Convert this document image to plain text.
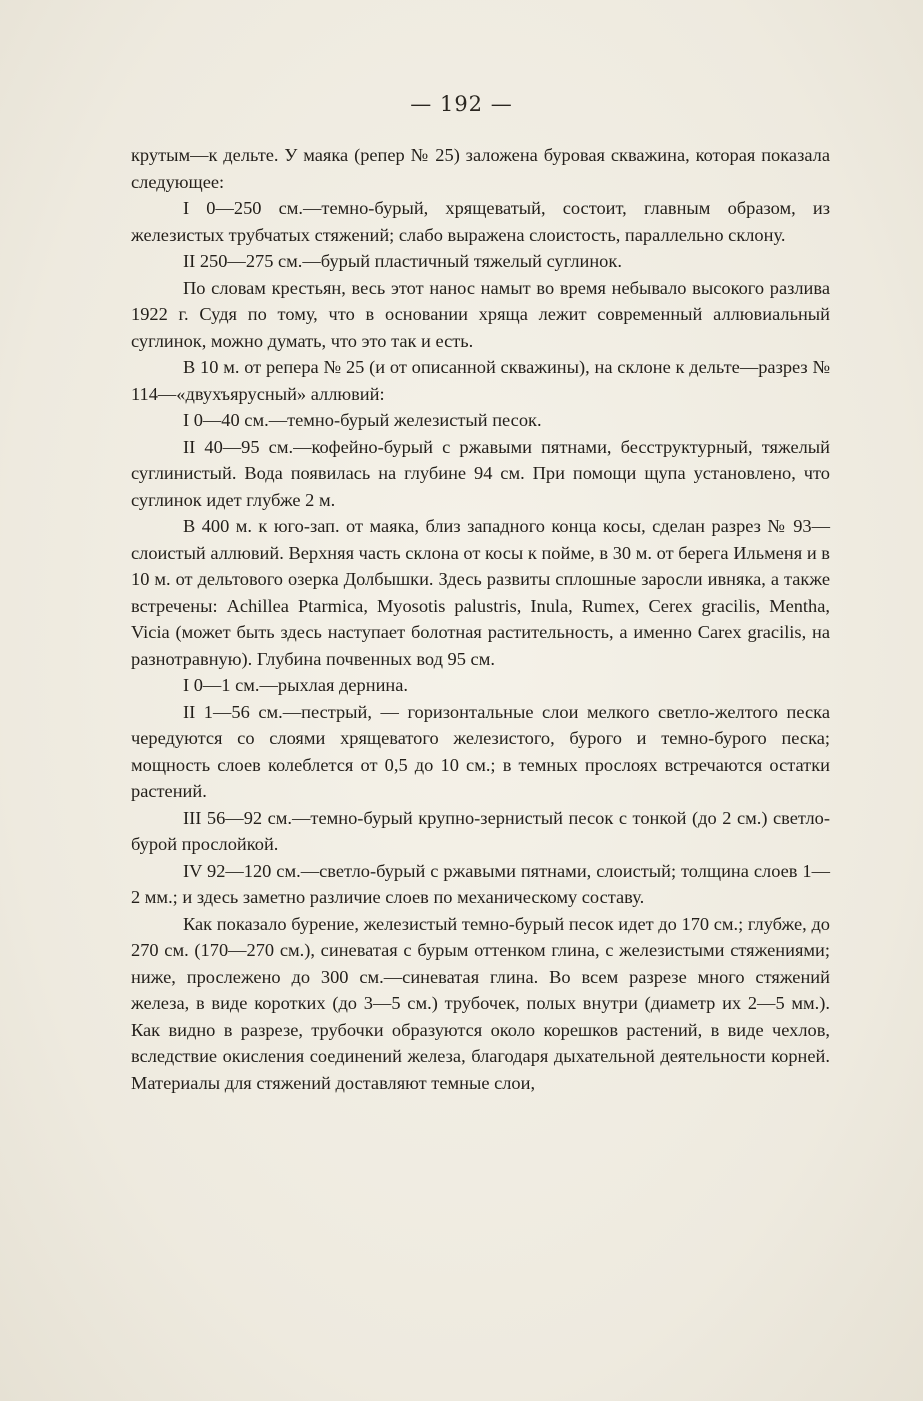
— 192 —

крутым—к дельте. У маяка (репер № 25) заложена буровая скважина, которая показала следующее:

I 0—250 см.—темно-бурый, хрящеватый, состоит, главным образом, из железистых трубчатых стяжений; слабо выражена слоистость, параллельно склону.

II 250—275 см.—бурый пластичный тяжелый суглинок.

По словам крестьян, весь этот нанос намыт во время небывало высокого разлива 1922 г. Судя по тому, что в основании хряща лежит современный аллювиальный суглинок, можно думать, что это так и есть.

В 10 м. от репера № 25 (и от описанной скважины), на склоне к дельте—разрез № 114—«двухъярусный» аллювий:

I 0—40 см.—темно-бурый железистый песок.

II 40—95 см.—кофейно-бурый с ржавыми пятнами, бесструктурный, тяжелый суглинистый. Вода появилась на глубине 94 см. При помощи щупа установлено, что суглинок идет глубже 2 м.

В 400 м. к юго-зап. от маяка, близ западного конца косы, сделан разрез № 93—слоистый аллювий. Верхняя часть склона от косы к пойме, в 30 м. от берега Ильменя и в 10 м. от дельтового озерка Долбышки. Здесь развиты сплошные заросли ивняка, а также встречены: Achillea Ptarmica, Myosotis palustris, Inula, Rumex, Cerex gracilis, Mentha, Vicia (может быть здесь наступает болотная растительность, а именно Carex gracilis, на разнотравную). Глубина почвенных вод 95 см.

I 0—1 см.—рыхлая дернина.

II 1—56 см.—пестрый, — горизонтальные слои мелкого светло-желтого песка чередуются со слоями хрящеватого железистого, бурого и темно-бурого песка; мощность слоев колеблется от 0,5 до 10 см.; в темных прослоях встречаются остатки растений.

III 56—92 см.—темно-бурый крупно-зернистый песок с тонкой (до 2 см.) светло-бурой прослойкой.

IV 92—120 см.—светло-бурый с ржавыми пятнами, слоистый; толщина слоев 1—2 мм.; и здесь заметно различие слоев по механическому составу.

Как показало бурение, железистый темно-бурый песок идет до 170 см.; глубже, до 270 см. (170—270 см.), синеватая с бурым оттенком глина, с железистыми стяжениями; ниже, прослежено до 300 см.—синеватая глина. Во всем разрезе много стяжений железа, в виде коротких (до 3—5 см.) трубочек, полых внутри (диаметр их 2—5 мм.). Как видно в разрезе, трубочки образуются около корешков растений, в виде чехлов, вследствие окисления соединений железа, благодаря дыхательной деятельности корней. Материалы для стяжений доставляют темные слои,
